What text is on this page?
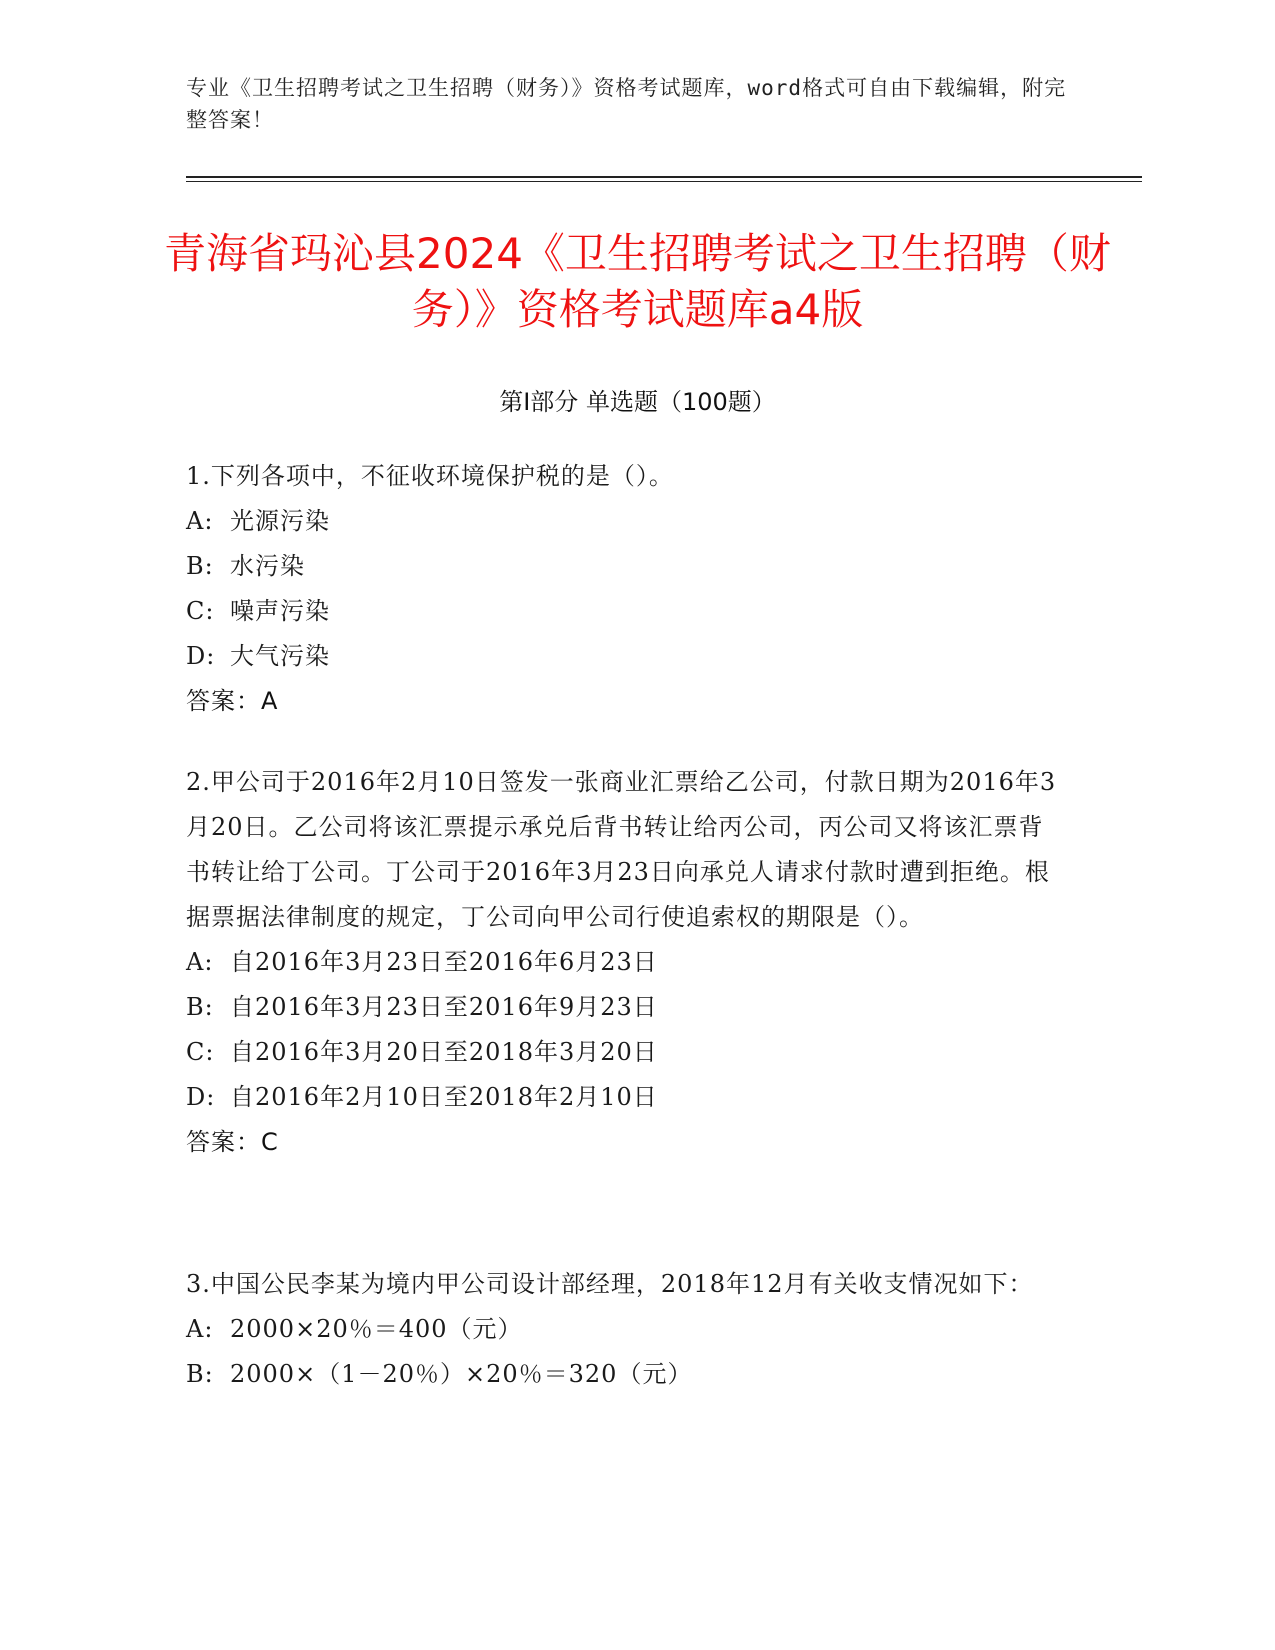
专业《卫生招聘考试之卫生招聘（财务）》资格考试题库，word格式可自由下载编辑，附完整答案！
青海省玛沁县2024《卫生招聘考试之卫生招聘（财务）》资格考试题库a4版
第I部分 单选题（100题）

1.下列各项中，不征收环境保护税的是（）。

A: 光源污染

B: 水污染

C: 噪声污染

D: 大气污染

答案：A

2.甲公司于2016年2月10日签发一张商业汇票给乙公司，付款日期为2016年3月20日。乙公司将该汇票提示承兑后背书转让给丙公司，丙公司又将该汇票背书转让给丁公司。丁公司于2016年3月23日向承兑人请求付款时遭到拒绝。根据票据法律制度的规定，丁公司向甲公司行使追索权的期限是（）。

A: 自2016年3月23日至2016年6月23日

B: 自2016年3月23日至2016年9月23日

C: 自2016年3月20日至2018年3月20日

D: 自2016年2月10日至2018年2月10日

答案：C

3.中国公民李某为境内甲公司设计部经理，2018年12月有关收支情况如下：

A: 2000×20％＝400（元）

B: 2000×（1－20％）×20％＝320（元）
